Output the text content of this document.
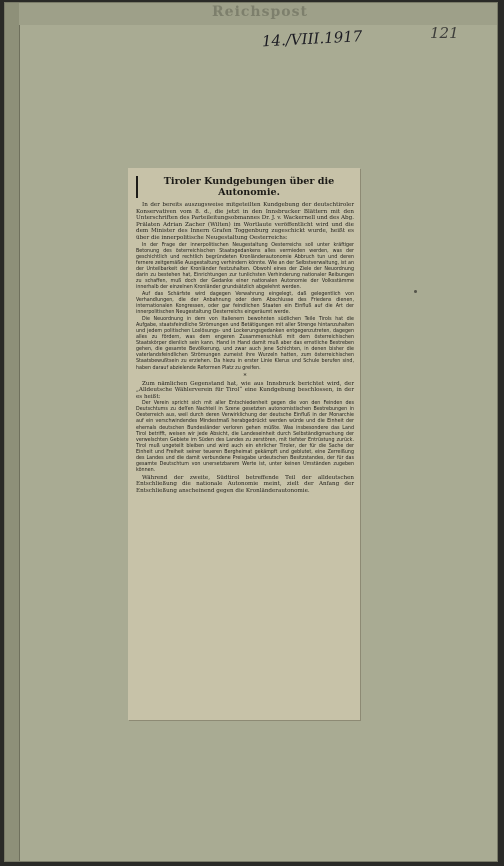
Reichspost
14./VIII.1917	121
Tiroler Kundgebungen über die Autonomie.

In der bereits auszugsweise mitgeteilten Kundgebung der deutschtiroler Konservativen vom 8. d., die jetzt in den Innsbrucker Blättern mit den Unterschriften des Parteileitungsobmannes Dr. J. v. Wackernell und des Abg. Prälaten Adrian Zacher (Wilten) im Wortlaute veröffentlicht wird und die dem Minister des Innern Grafen Toggenburg zugeschickt wurde, heißt es über die innerpolitische Neugestaltung Oesterreichs:

In der Frage der innerpolitischen Neugestaltung Oesterreichs soll unter kräftiger Betonung des österreichischen Staatsgedankens alles vermieden werden, was der geschichtlich und rechtlich begründeten Kronländerautonomie Abbruch tun und deren fernere zeitgemäße Ausgestaltung verhindern könnte. Wie an der Selbstverwaltung, ist an der Unteilbarkeit der Kronländer festzuhalten. Obwohl eines der Ziele der Neuordnung darin zu bestehen hat, Einrichtungen zur tunlichsten Verhinderung nationaler Reibungen zu schaffen, muß doch der Gedanke einer nationalen Autonomie der Volksstämme innerhalb der einzelnen Kronländer grundsätzlich abgelehnt werden.

Auf das Schärfste wird dagegen Verwahrung eingelegt, daß gelegentlich von Verhandlungen, die der Anbahnung oder dem Abschlusse des Friedens dienen, internationalen Kongressen, oder gar feindlichen Staaten ein Einfluß auf die Art der innerpolitischen Neugestaltung Oesterreichs eingeräumt werde.

Die Neuordnung in dem von Italienern bewohnten südlichen Teile Tirols hat die Aufgabe, staatsfeindliche Strömungen und Betätigungen mit aller Strenge hintanzuhalten und jedem politischen Loslösungs- und Lockerungsgedanken entgegenzutreten, dagegen alles zu fördern, was dem engeren Zusammenschluß mit dem österreichischen Staatskörper dienlich sein kann. Hand in Hand damit muß aber das ernstliche Bestreben gehen, die gesamte Bevölkerung, und zwar auch jene Schichten, in denen bisher die vaterlandsfeindlichen Strömungen zumeist ihre Wurzeln hatten, zum österreichischen Staatsbewußtsein zu erziehen. Da hiezu in erster Linie Klerus und Schule berufen sind, haben darauf abzielende Reformen Platz zu greifen.

*

Zum nämlichen Gegenstand hat, wie aus Innsbruck berichtet wird, der „Alldeutsche Wählerverein für Tirol“ eine Kundgebung beschlossen, in der es heißt:

Der Verein spricht sich mit aller Entschiedenheit gegen die von den Feinden des Deutschtums zu deſſen Nachteil in Szene gesetzten autonomistischen Bestrebungen in Oesterreich aus, weil durch deren Verwirklichung der deutsche Einfluß in der Monarchie auf ein verschwindendes Mindestmaß herabgedrückt werden würde und die Einheit der ehemals deutschen Bundesländer verloren gehen müßte. Was insbesondere das Land Tirol betrifft, weisen wir jede Absicht, die Landeseinheit durch Selbständigmachung der verwelschten Gebiete im Süden des Landes zu zerstören, mit tiefster Entrüstung zurück. Tirol muß ungeteilt bleiben und wird auch ein ehrlicher Tiroler, der für die Sache der Einheit und Freiheit seiner teueren Bergheimat gekämpft und geblutet, eine Zerreißung des Landes und die damit verbundene Preisgabe urdeutschen Besitzstandes, der für das gesamte Deutschtum von unersetzbarem Werte ist, unter keinen Umständen zugeben können.

Während der zweite, Südtirol betreffende Teil der alldeutschen Entschließung die nationale Autonomie meint, zielt der Anfang der Entschließung anscheinend gegen die Kronländerautonomie.
